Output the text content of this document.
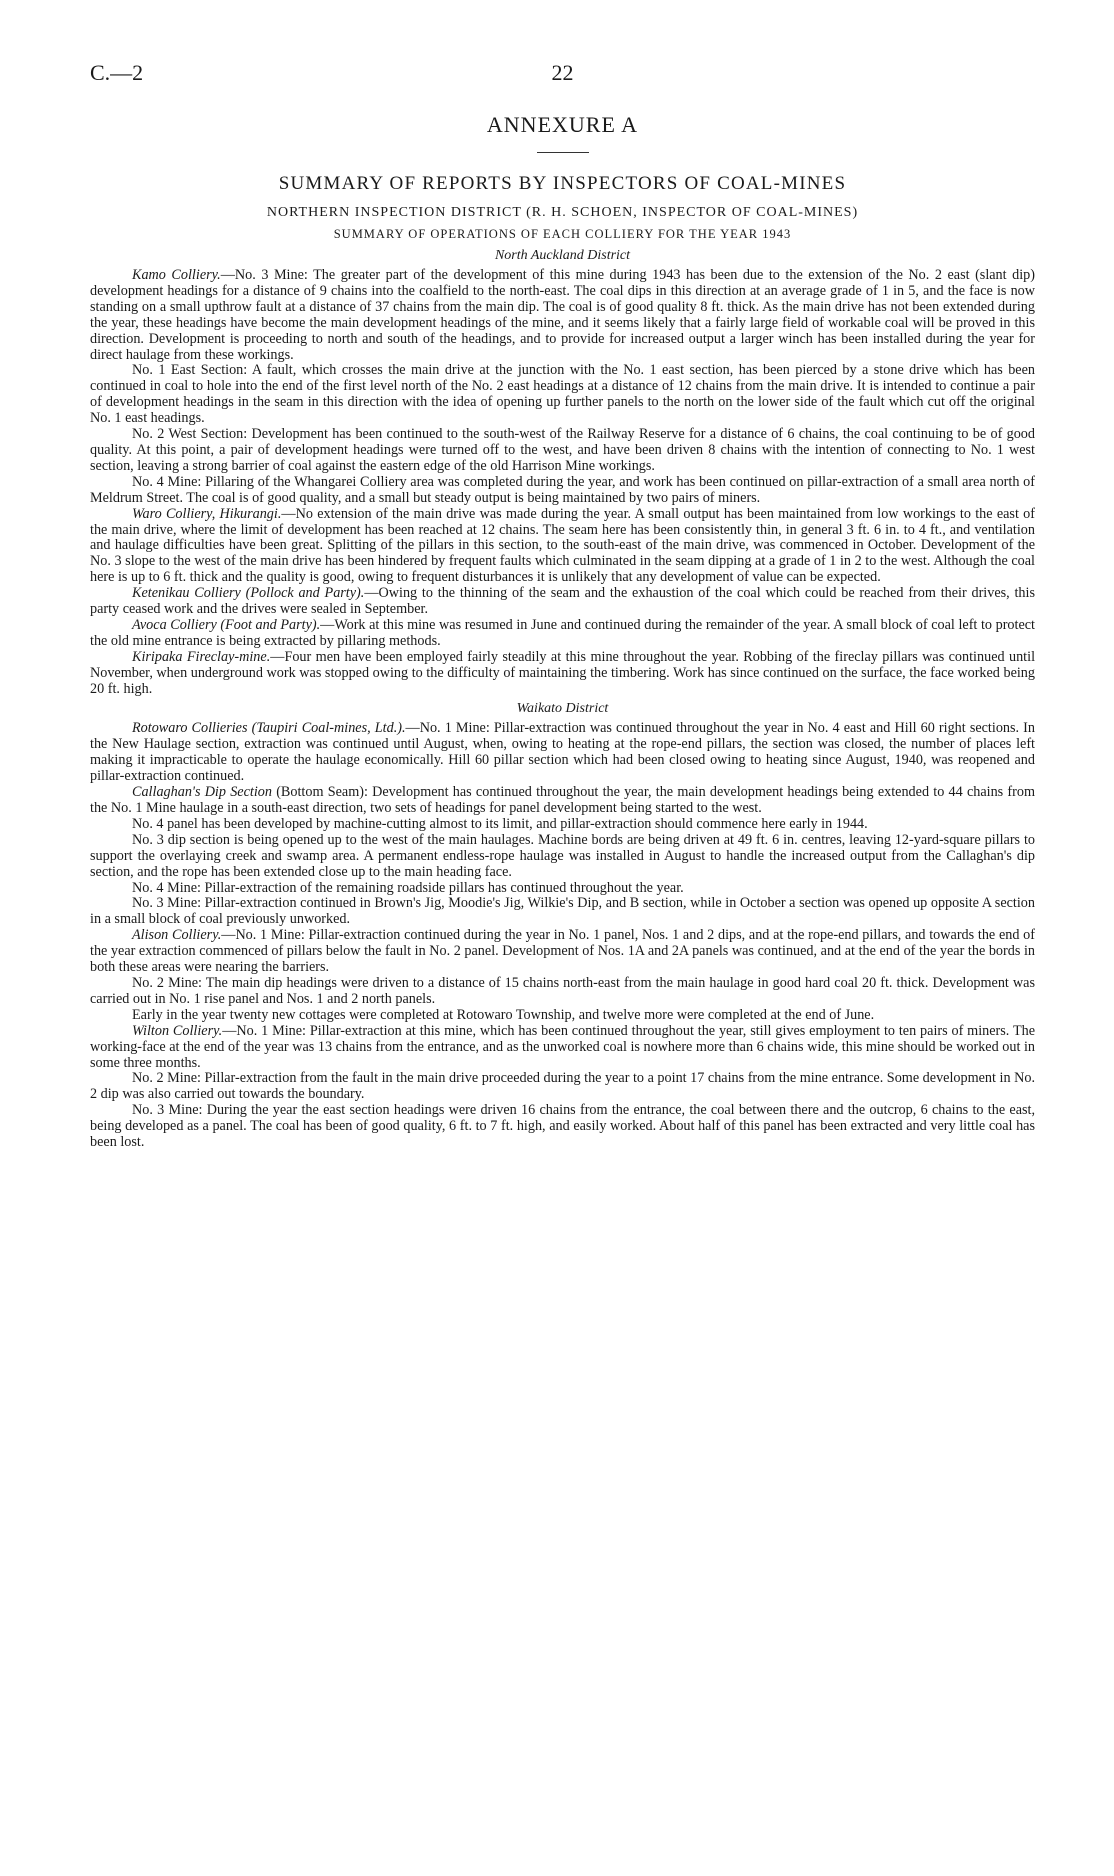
C.—2	22
ANNEXURE A
SUMMARY OF REPORTS BY INSPECTORS OF COAL-MINES
NORTHERN INSPECTION DISTRICT (R. H. SCHOEN, INSPECTOR OF COAL-MINES)
SUMMARY OF OPERATIONS OF EACH COLLIERY FOR THE YEAR 1943
North Auckland District

Kamo Colliery.—No. 3 Mine: The greater part of the development of this mine during 1943 has been due to the extension of the No. 2 east (slant dip) development headings for a distance of 9 chains into the coalfield to the north-east. The coal dips in this direction at an average grade of 1 in 5, and the face is now standing on a small upthrow fault at a distance of 37 chains from the main dip. The coal is of good quality 8 ft. thick. As the main drive has not been extended during the year, these headings have become the main development headings of the mine, and it seems likely that a fairly large field of workable coal will be proved in this direction. Development is proceeding to north and south of the headings, and to provide for increased output a larger winch has been installed during the year for direct haulage from these workings.

No. 1 East Section: A fault, which crosses the main drive at the junction with the No. 1 east section, has been pierced by a stone drive which has been continued in coal to hole into the end of the first level north of the No. 2 east headings at a distance of 12 chains from the main drive. It is intended to continue a pair of development headings in the seam in this direction with the idea of opening up further panels to the north on the lower side of the fault which cut off the original No. 1 east headings.

No. 2 West Section: Development has been continued to the south-west of the Railway Reserve for a distance of 6 chains, the coal continuing to be of good quality. At this point, a pair of development headings were turned off to the west, and have been driven 8 chains with the intention of connecting to No. 1 west section, leaving a strong barrier of coal against the eastern edge of the old Harrison Mine workings.

No. 4 Mine: Pillaring of the Whangarei Colliery area was completed during the year, and work has been continued on pillar-extraction of a small area north of Meldrum Street. The coal is of good quality, and a small but steady output is being maintained by two pairs of miners.

Waro Colliery, Hikurangi.—No extension of the main drive was made during the year. A small output has been maintained from low workings to the east of the main drive, where the limit of development has been reached at 12 chains. The seam here has been consistently thin, in general 3 ft. 6 in. to 4 ft., and ventilation and haulage difficulties have been great. Splitting of the pillars in this section, to the south-east of the main drive, was commenced in October. Development of the No. 3 slope to the west of the main drive has been hindered by frequent faults which culminated in the seam dipping at a grade of 1 in 2 to the west. Although the coal here is up to 6 ft. thick and the quality is good, owing to frequent disturbances it is unlikely that any development of value can be expected.

Ketenikau Colliery (Pollock and Party).—Owing to the thinning of the seam and the exhaustion of the coal which could be reached from their drives, this party ceased work and the drives were sealed in September.

Avoca Colliery (Foot and Party).—Work at this mine was resumed in June and continued during the remainder of the year. A small block of coal left to protect the old mine entrance is being extracted by pillaring methods.

Kiripaka Fireclay-mine.—Four men have been employed fairly steadily at this mine throughout the year. Robbing of the fireclay pillars was continued until November, when underground work was stopped owing to the difficulty of maintaining the timbering. Work has since continued on the surface, the face worked being 20 ft. high.

Waikato District

Rotowaro Collieries (Taupiri Coal-mines, Ltd.).—No. 1 Mine: Pillar-extraction was continued throughout the year in No. 4 east and Hill 60 right sections. In the New Haulage section, extraction was continued until August, when, owing to heating at the rope-end pillars, the section was closed, the number of places left making it impracticable to operate the haulage economically. Hill 60 pillar section which had been closed owing to heating since August, 1940, was reopened and pillar-extraction continued.

Callaghan's Dip Section (Bottom Seam): Development has continued throughout the year, the main development headings being extended to 44 chains from the No. 1 Mine haulage in a south-east direction, two sets of headings for panel development being started to the west.

No. 4 panel has been developed by machine-cutting almost to its limit, and pillar-extraction should commence here early in 1944.

No. 3 dip section is being opened up to the west of the main haulages. Machine bords are being driven at 49 ft. 6 in. centres, leaving 12-yard-square pillars to support the overlaying creek and swamp area. A permanent endless-rope haulage was installed in August to handle the increased output from the Callaghan's dip section, and the rope has been extended close up to the main heading face.

No. 4 Mine: Pillar-extraction of the remaining roadside pillars has continued throughout the year.

No. 3 Mine: Pillar-extraction continued in Brown's Jig, Moodie's Jig, Wilkie's Dip, and B section, while in October a section was opened up opposite A section in a small block of coal previously unworked.

Alison Colliery.—No. 1 Mine: Pillar-extraction continued during the year in No. 1 panel, Nos. 1 and 2 dips, and at the rope-end pillars, and towards the end of the year extraction commenced of pillars below the fault in No. 2 panel. Development of Nos. 1A and 2A panels was continued, and at the end of the year the bords in both these areas were nearing the barriers.

No. 2 Mine: The main dip headings were driven to a distance of 15 chains north-east from the main haulage in good hard coal 20 ft. thick. Development was carried out in No. 1 rise panel and Nos. 1 and 2 north panels.

Early in the year twenty new cottages were completed at Rotowaro Township, and twelve more were completed at the end of June.

Wilton Colliery.—No. 1 Mine: Pillar-extraction at this mine, which has been continued throughout the year, still gives employment to ten pairs of miners. The working-face at the end of the year was 13 chains from the entrance, and as the unworked coal is nowhere more than 6 chains wide, this mine should be worked out in some three months.

No. 2 Mine: Pillar-extraction from the fault in the main drive proceeded during the year to a point 17 chains from the mine entrance. Some development in No. 2 dip was also carried out towards the boundary.

No. 3 Mine: During the year the east section headings were driven 16 chains from the entrance, the coal between there and the outcrop, 6 chains to the east, being developed as a panel. The coal has been of good quality, 6 ft. to 7 ft. high, and easily worked. About half of this panel has been extracted and very little coal has been lost.
